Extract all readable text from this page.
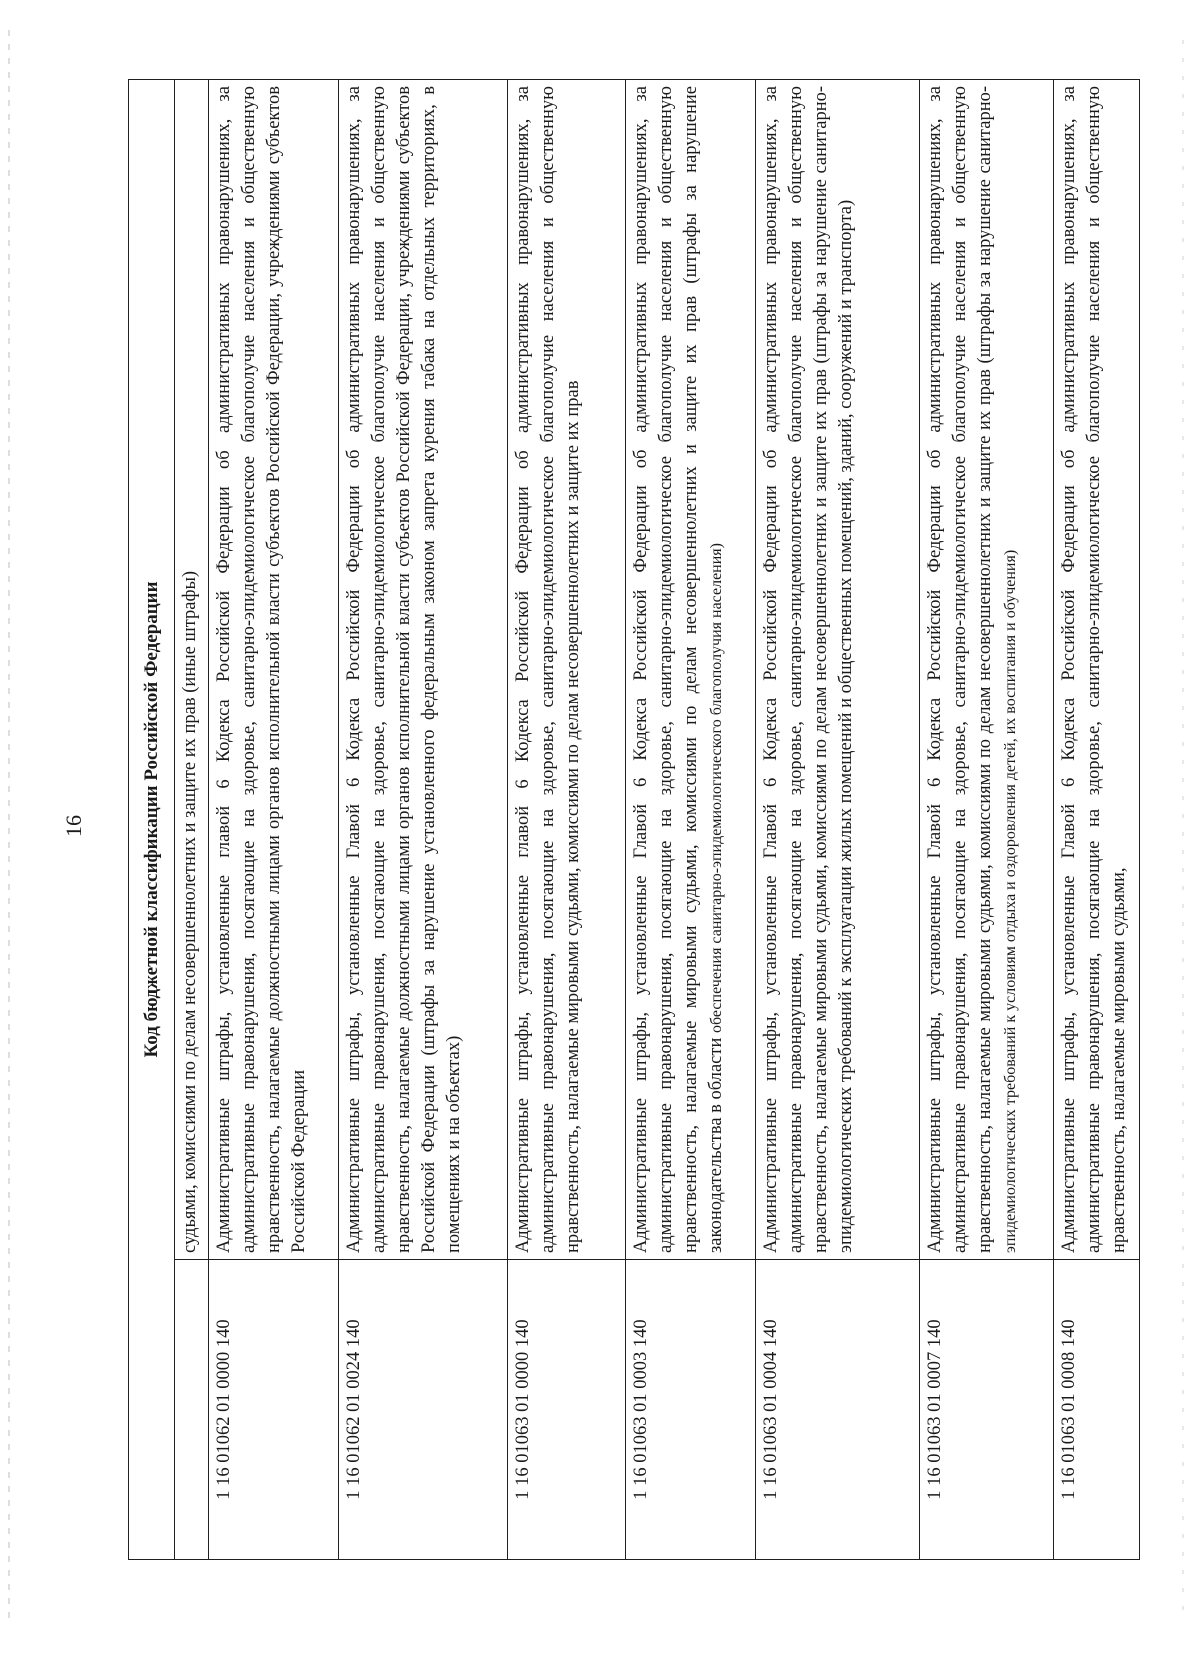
16	Код бюджетной классификации Российской Федерации	
	судьями, комиссиями по делам несовершеннолетних и защите их прав (иные штрафы)
1 16 01062 01 0000 140	Административные штрафы, установленные главой 6 Кодекса Российской Федерации об административных правонарушениях, за административные правонарушения, посягающие на здоровье, санитарно-эпидемиологическое благополучие населения и общественную нравственность, налагаемые должностными лицами органов исполнительной власти субъектов Российской Федерации, учреждениями субъектов Российской Федерации
1 16 01062 01 0024 140	Административные штрафы, установленные Главой 6 Кодекса Российской Федерации об административных правонарушениях, за административные правонарушения, посягающие на здоровье, санитарно-эпидемиологическое благополучие населения и общественную нравственность, налагаемые должностными лицами органов исполнительной власти субъектов Российской Федерации, учреждениями субъектов Российской Федерации (штрафы за нарушение установленного федеральным законом запрета курения табака на отдельных территориях, в помещениях и на объектах)
1 16 01063 01 0000 140	Административные штрафы, установленные главой 6 Кодекса Российской Федерации об административных правонарушениях, за административные правонарушения, посягающие на здоровье, санитарно-эпидемиологическое благополучие населения и общественную нравственность, налагаемые мировыми судьями, комиссиями по делам несовершеннолетних и защите их прав
1 16 01063 01 0003 140	Административные штрафы, установленные Главой 6 Кодекса Российской Федерации об административных правонарушениях, за административные правонарушения, посягающие на здоровье, санитарно-эпидемиологическое благополучие населения и общественную нравственность, налагаемые мировыми судьями, комиссиями по делам несовершеннолетних и защите их прав (штрафы за нарушение законодательства в области обеспечения санитарно-эпидемиологического благополучия населения)
1 16 01063 01 0004 140	Административные штрафы, установленные Главой 6 Кодекса Российской Федерации об административных правонарушениях, за административные правонарушения, посягающие на здоровье, санитарно-эпидемиологическое благополучие населения и общественную нравственность, налагаемые мировыми судьями, комиссиями по делам несовершеннолетних и защите их прав (штрафы за нарушение санитарно-эпидемиологических требований к эксплуатации жилых помещений и общественных помещений, зданий, сооружений и транспорта)
1 16 01063 01 0007 140	Административные штрафы, установленные Главой 6 Кодекса Российской Федерации об административных правонарушениях, за административные правонарушения, посягающие на здоровье, санитарно-эпидемиологическое благополучие населения и общественную нравственность, налагаемые мировыми судьями, комиссиями по делам несовершеннолетних и защите их прав (штрафы за нарушение санитарно- эпидемиологических требований к условиям отдыха и оздоровления детей, их воспитания и обучения)
1 16 01063 01 0008 140	Административные штрафы, установленные Главой 6 Кодекса Российской Федерации об административных правонарушениях, за административные правонарушения, посягающие на здоровье, санитарно-эпидемиологическое благополучие населения и общественную нравственность, налагаемые мировыми судьями,
